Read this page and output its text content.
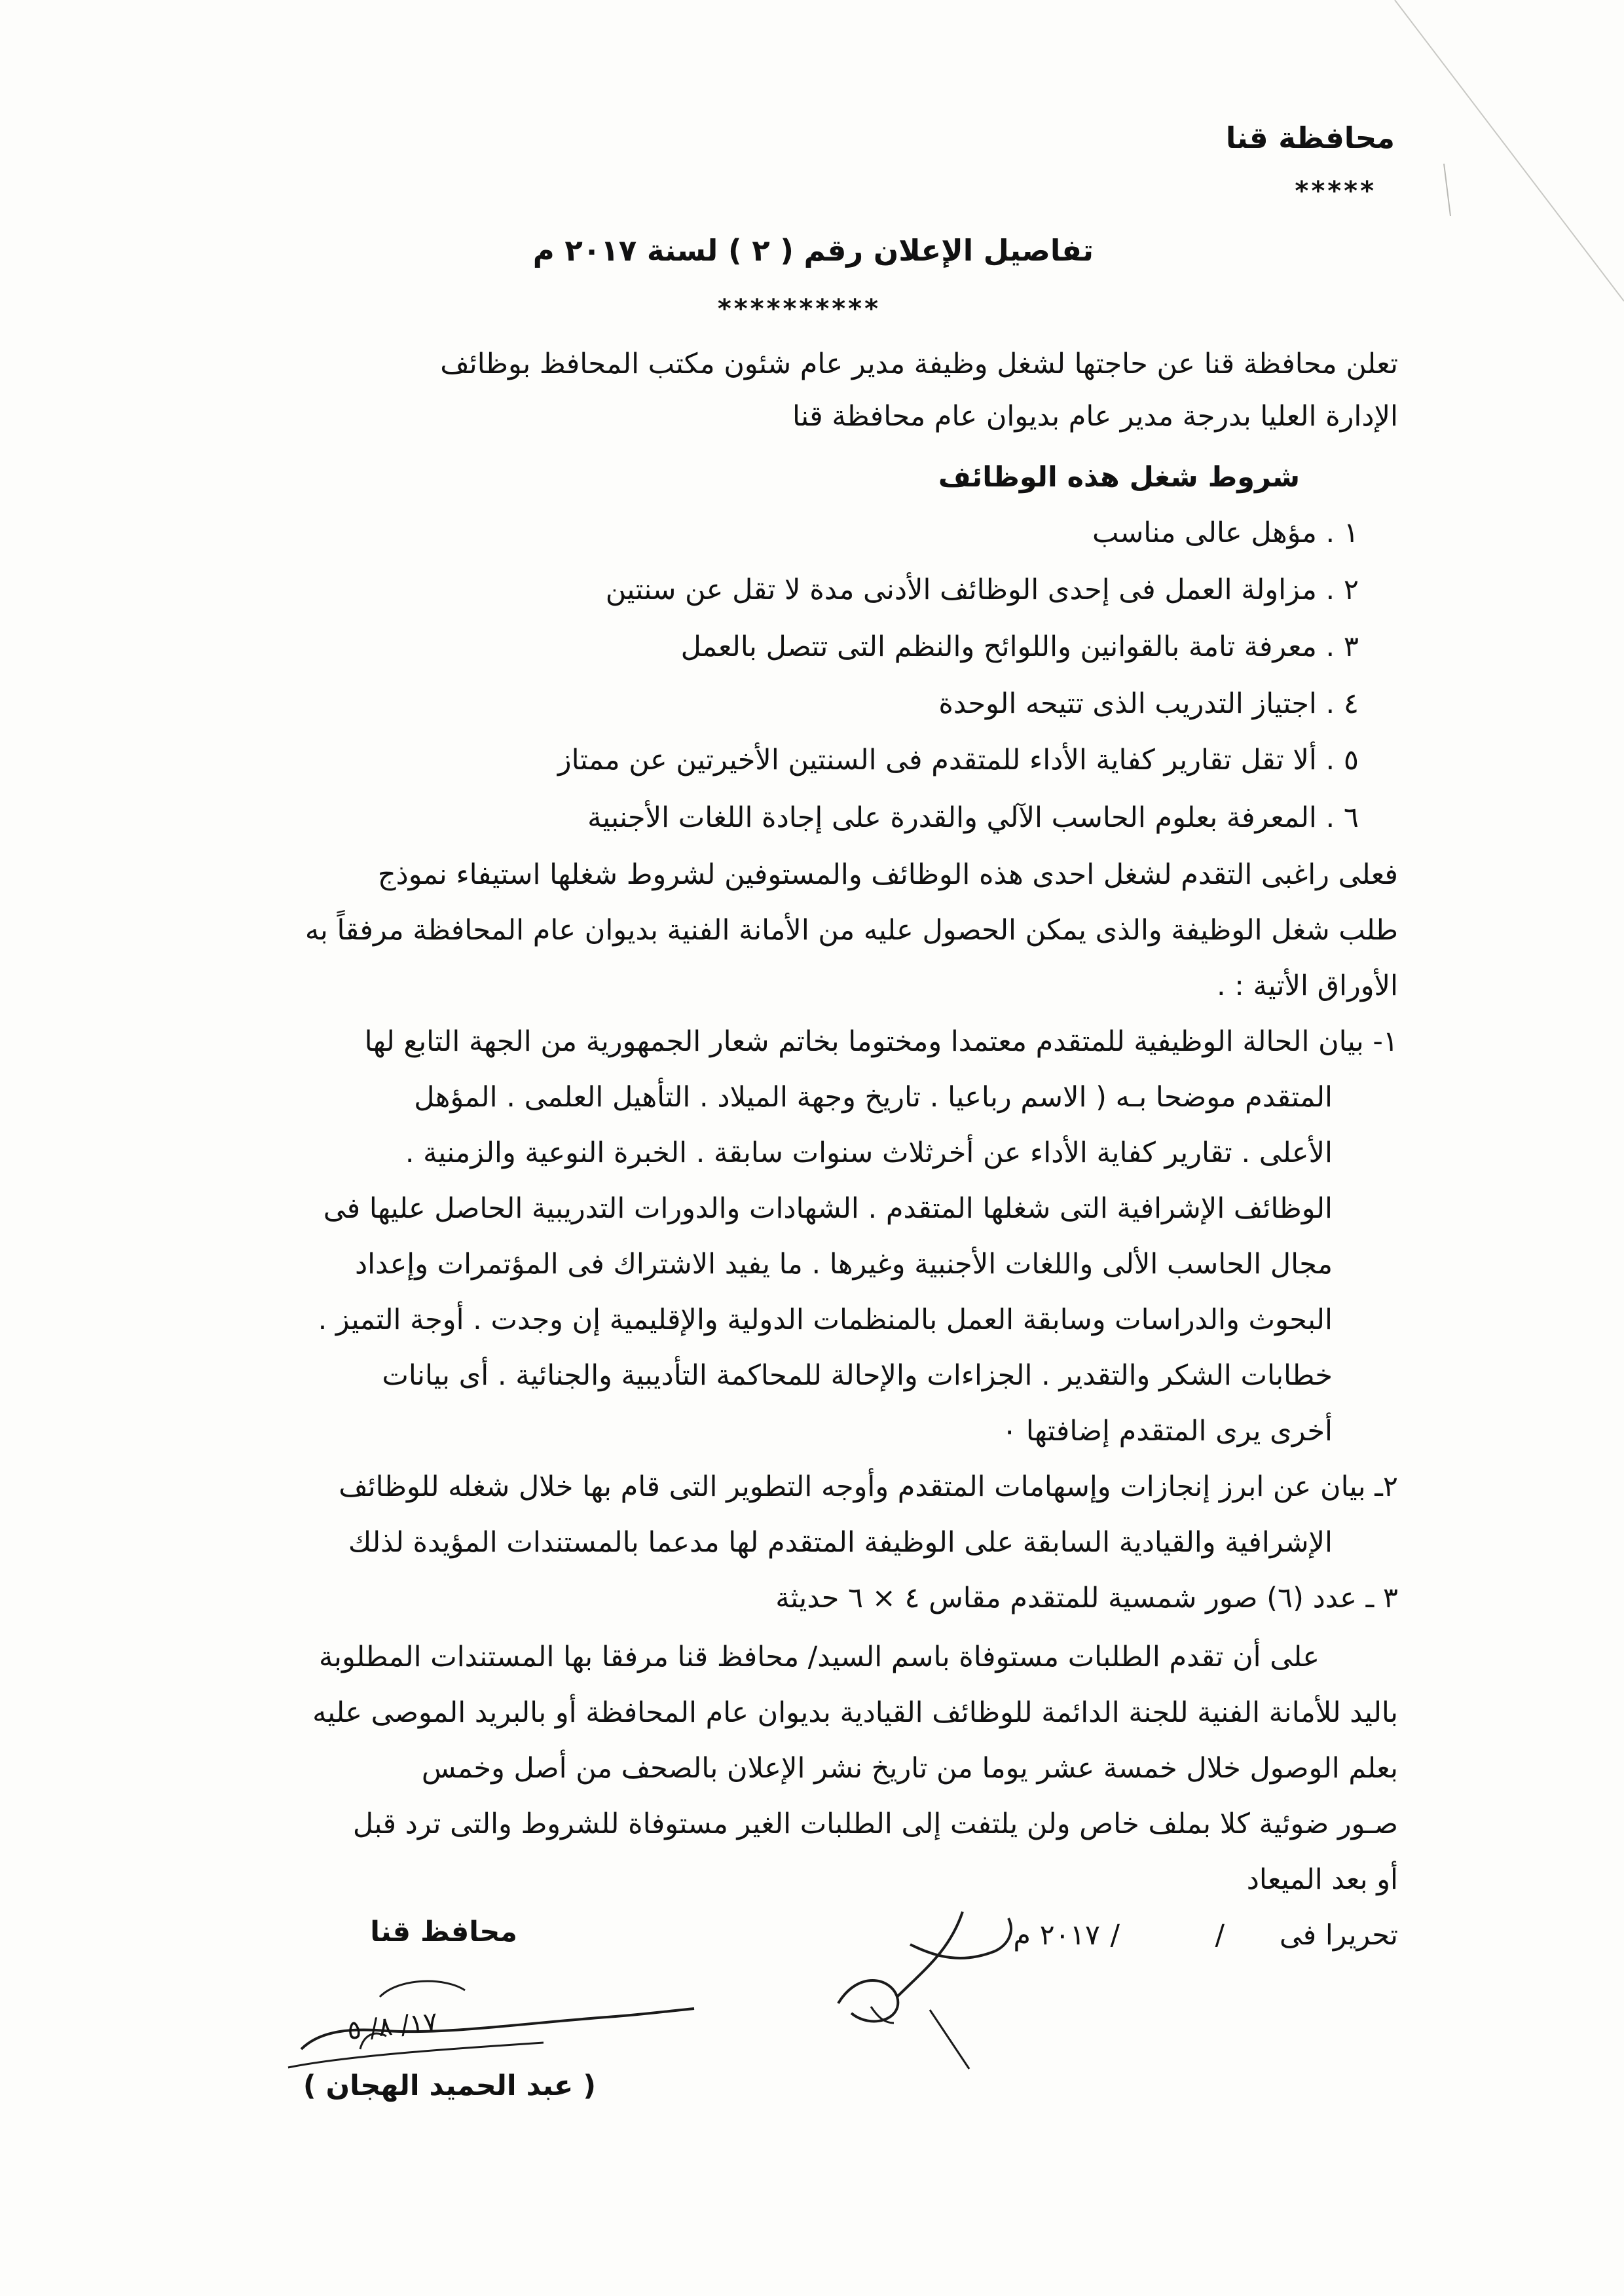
محافظة قنا
*****
تفاصيل الإعلان رقم ( ٢ ) لسنة ٢٠١٧ م
**********
تعلن محافظة قنا عن حاجتها لشغل وظيفة مدير عام شئون مكتب المحافظ بوظائف
الإدارة العليا بدرجة مدير عام بديوان عام محافظة قنا
شروط شغل هذه الوظائف
١ . مؤهل عالى مناسب
٢ . مزاولة العمل فى إحدى الوظائف الأدنى مدة لا تقل عن سنتين
٣ . معرفة تامة بالقوانين واللوائح والنظم التى تتصل بالعمل
٤ . اجتياز التدريب الذى تتيحه الوحدة
٥ . ألا تقل تقارير كفاية الأداء للمتقدم فى السنتين الأخيرتين عن ممتاز
٦ . المعرفة بعلوم الحاسب الآلي والقدرة على إجادة اللغات الأجنبية
فعلى راغبى التقدم لشغل احدى هذه الوظائف والمستوفين لشروط شغلها استيفاء نموذج
طلب شغل الوظيفة والذى يمكن الحصول عليه من الأمانة الفنية بديوان عام المحافظة مرفقاً به
الأوراق الأتية : .
١- بيان الحالة الوظيفية للمتقدم معتمدا ومختوما بخاتم شعار الجمهورية من الجهة التابع لها
المتقدم موضحا بـه ( الاسم رباعيا . تاريخ وجهة الميلاد . التأهيل العلمى . المؤهل
الأعلى . تقارير كفاية الأداء عن أخرثلاث سنوات سابقة . الخبرة النوعية والزمنية .
الوظائف الإشرافية التى شغلها المتقدم . الشهادات والدورات التدريبية الحاصل عليها فى
مجال الحاسب الألى واللغات الأجنبية وغيرها . ما يفيد الاشتراك فى المؤتمرات وإعداد
البحوث والدراسات وسابقة العمل بالمنظمات الدولية والإقليمية إن وجدت . أوجة التميز .
خطابات الشكر والتقدير . الجزاءات والإحالة للمحاكمة التأديبية والجنائية . أى بيانات
أخرى يرى المتقدم إضافتها ٠
٢ـ بيان عن ابرز إنجازات وإسهامات المتقدم وأوجه التطوير التى قام بها خلال شغله للوظائف
الإشرافية والقيادية السابقة على الوظيفة المتقدم لها مدعما بالمستندات المؤيدة لذلك
٣ ـ عدد (٦) صور شمسية للمتقدم مقاس ٤ × ٦ حديثة
على أن تقدم الطلبات مستوفاة باسم السيد/ محافظ قنا مرفقا بها المستندات المطلوبة
باليد للأمانة الفنية للجنة الدائمة للوظائف القيادية بديوان عام المحافظة أو بالبريد الموصى عليه
بعلم الوصول خلال خمسة عشر يوما من تاريخ نشر الإعلان بالصحف من أصل وخمس
صـور ضوئية كلا بملف خاص ولن يلتفت إلى الطلبات الغير مستوفاة للشروط والتى ترد قبل
أو بعد الميعاد
تحريرا فى
/
/
٢٠١٧ م
محافظ قنا
١٧/ ٨/ ٥
( عبد الحميد الهجان )
